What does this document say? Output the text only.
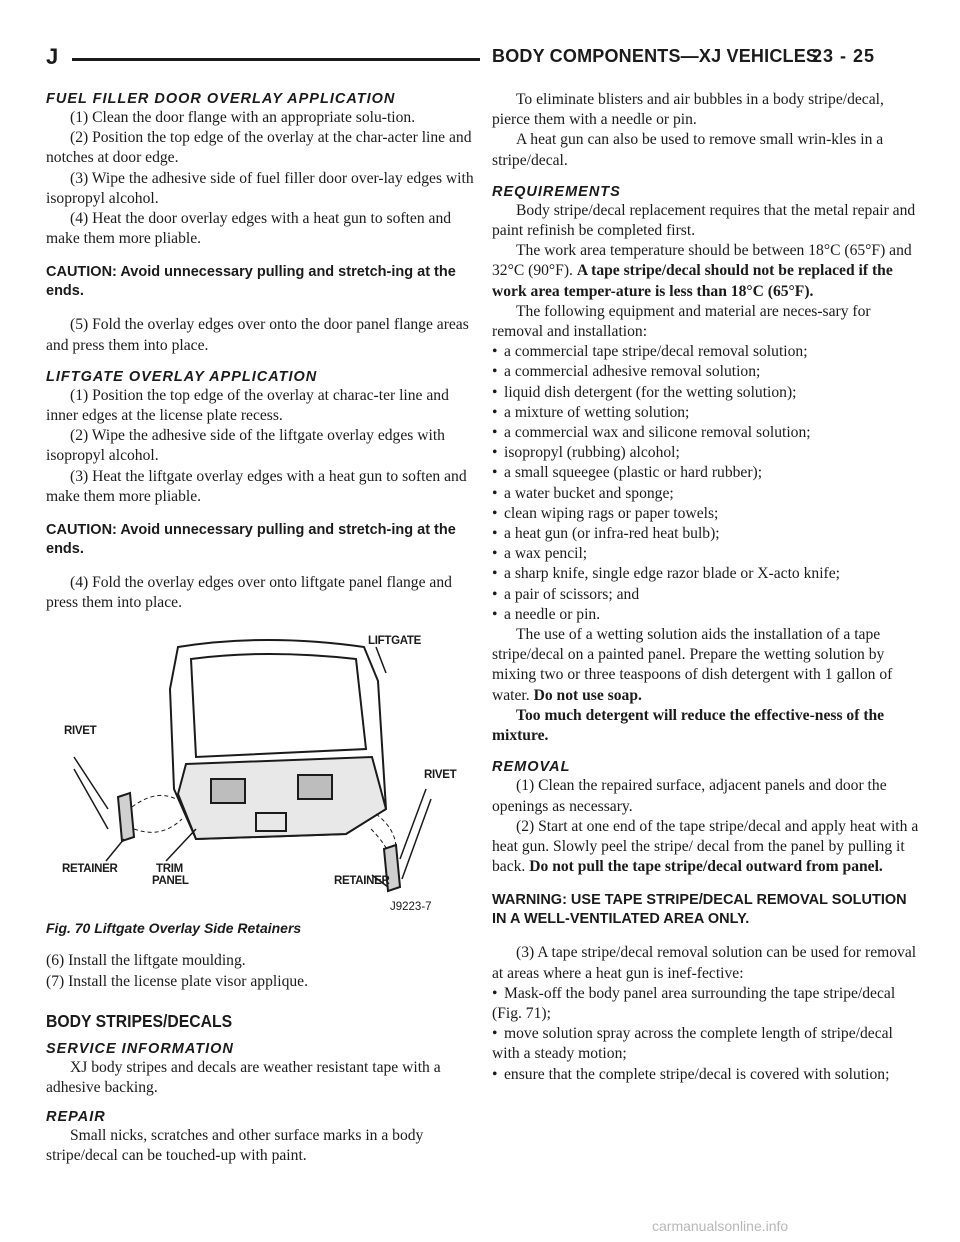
J	BODY COMPONENTS—XJ VEHICLES
23 - 25
FUEL FILLER DOOR OVERLAY APPLICATION

(1) Clean the door flange with an appropriate solu-tion.

(2) Position the top edge of the overlay at the char-acter line and notches at door edge.

(3) Wipe the adhesive side of fuel filler door over-lay edges with isopropyl alcohol.

(4) Heat the door overlay edges with a heat gun to soften and make them more pliable.

CAUTION: Avoid unnecessary pulling and stretch-ing at the ends.

(5) Fold the overlay edges over onto the door panel flange areas and press them into place.

LIFTGATE OVERLAY APPLICATION

(1) Position the top edge of the overlay at charac-ter line and inner edges at the license plate recess.

(2) Wipe the adhesive side of the liftgate overlay edges with isopropyl alcohol.

(3) Heat the liftgate overlay edges with a heat gun to soften and make them more pliable.

CAUTION: Avoid unnecessary pulling and stretch-ing at the ends.

(4) Fold the overlay edges over onto liftgate panel flange and press them into place.

LIFTGATE
RIVET
RIVET
RETAINER	TRIM
PANEL	RETAINER
J9223-7

Fig. 70 Liftgate Overlay Side Retainers

(6) Install the liftgate moulding.

(7) Install the license plate visor applique.

BODY STRIPES/DECALS
SERVICE INFORMATION

XJ body stripes and decals are weather resistant tape with a adhesive backing.

REPAIR

Small nicks, scratches and other surface marks in a body stripe/decal can be touched-up with paint.

To eliminate blisters and air bubbles in a body stripe/decal, pierce them with a needle or pin.

A heat gun can also be used to remove small wrin-kles in a stripe/decal.

REQUIREMENTS

Body stripe/decal replacement requires that the metal repair and paint refinish be completed first.

The work area temperature should be between 18°C (65°F) and 32°C (90°F). A tape stripe/decal should not be replaced if the work area temper-ature is less than 18°C (65°F).

The following equipment and material are neces-sary for removal and installation:

• a commercial tape stripe/decal removal solution;
• a commercial adhesive removal solution;
• liquid dish detergent (for the wetting solution);
• a mixture of wetting solution;
• a commercial wax and silicone removal solution;
• isopropyl (rubbing) alcohol;
• a small squeegee (plastic or hard rubber);
• a water bucket and sponge;
• clean wiping rags or paper towels;
• a heat gun (or infra-red heat bulb);
• a wax pencil;
• a sharp knife, single edge razor blade or X-acto knife;
• a pair of scissors; and
• a needle or pin.

The use of a wetting solution aids the installation of a tape stripe/decal on a painted panel. Prepare the wetting solution by mixing two or three teaspoons of dish detergent with 1 gallon of water. Do not use soap.

Too much detergent will reduce the effective-ness of the mixture.

REMOVAL

(1) Clean the repaired surface, adjacent panels and door the openings as necessary.

(2) Start at one end of the tape stripe/decal and apply heat with a heat gun. Slowly peel the stripe/ decal from the panel by pulling it back. Do not pull the tape stripe/decal outward from panel.

WARNING: USE TAPE STRIPE/DECAL REMOVAL SOLUTION IN A WELL-VENTILATED AREA ONLY.

(3) A tape stripe/decal removal solution can be used for removal at areas where a heat gun is inef-fective:

• Mask-off the body panel area surrounding the tape stripe/decal (Fig. 71);
• move solution spray across the complete length of stripe/decal with a steady motion;
• ensure that the complete stripe/decal is covered with solution;
carmanualsonline.info
